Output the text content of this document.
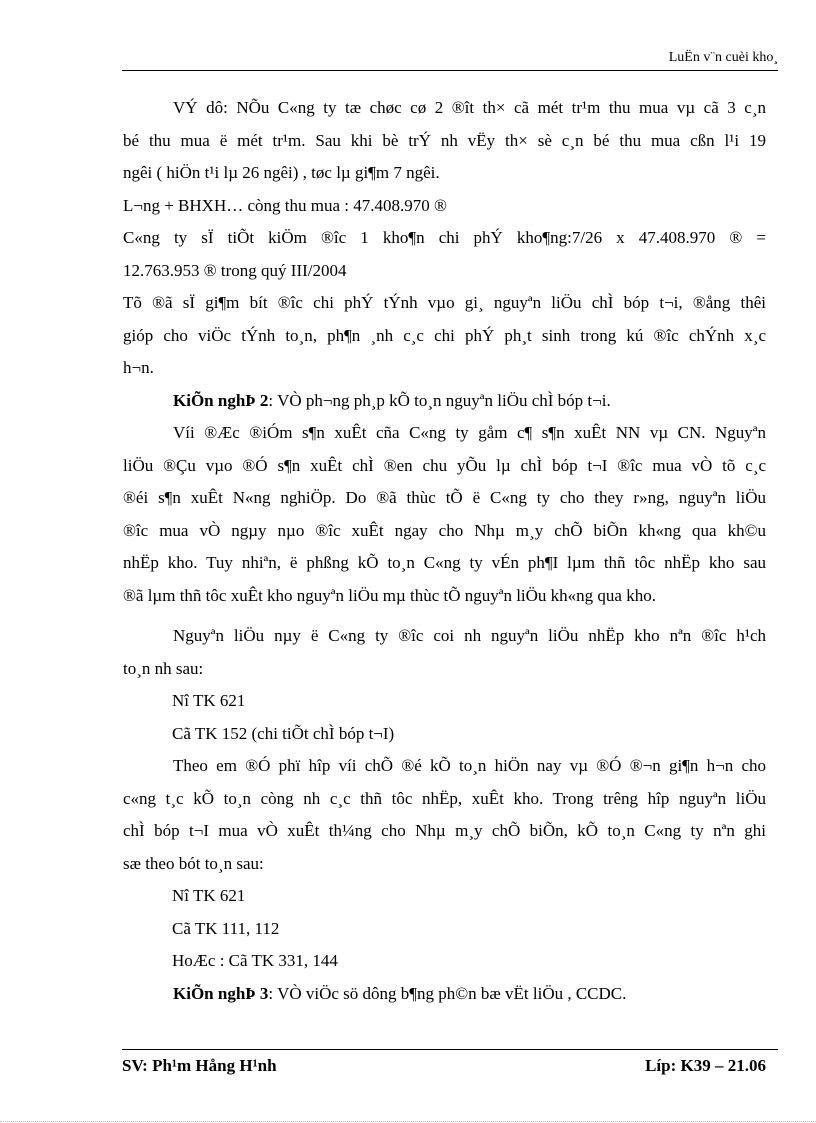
LuËn v¨n cuèi kho¸

VÝ dô: NÕu C«ng ty tæ chøc cø 2 ®ît th× cã mét tr¹m thu mua vµ cã 3 c¸n

bé thu mua ë mét tr¹m. Sau khi bè trÝ nh vËy th× sè c¸n bé thu mua cßn l¹i 19

ngêi ( hiÖn t¹i lµ 26 ngêi) , tøc lµ gi¶m 7 ngêi.

L¬ng + BHXH… còng thu mua : 47.408.970 ®

C«ng ty sÏ tiÕt kiÖm ®îc 1 kho¶n chi phÝ kho¶ng:7/26 x 47.408.970 ® =

12.763.953 ® trong quý III/2004

Tõ ®ã sÏ gi¶m bít ®îc chi phÝ tÝnh vµo gi¸ nguyªn liÖu chÌ bóp t¬i, ®ång thêi

gióp cho viÖc tÝnh to¸n, ph¶n ¸nh c¸c chi phÝ ph¸t sinh trong kú ®îc chÝnh x¸c

h¬n.

KiÕn nghÞ 2: VÒ ph¬ng ph¸p kÕ to¸n nguyªn liÖu chÌ bóp t¬i.

Víi ®Æc ®iÓm s¶n xuÊt cña C«ng ty gåm c¶ s¶n xuÊt NN vµ CN. Nguyªn

liÖu ®Çu vµo ®Ó s¶n xuÊt chÌ ®en chu yÕu lµ chÌ bóp t¬I ®îc mua vÒ tõ c¸c

®éi s¶n xuÊt N«ng nghiÖp. Do ®ã thùc tÕ ë C«ng ty cho they r»ng, nguyªn liÖu

®îc mua vÒ ngµy nµo ®îc xuÊt ngay cho Nhµ m¸y chÕ biÕn kh«ng qua kh©u

nhËp kho. Tuy nhiªn, ë phßng kÕ to¸n C«ng ty vÉn ph¶I lµm thñ tôc nhËp kho sau

®ã lµm thñ tôc xuÊt kho nguyªn liÖu mµ thùc tÕ nguyªn liÖu kh«ng qua kho.

Nguyªn liÖu nµy ë C«ng ty ®îc coi nh nguyªn liÖu nhËp kho nªn ®îc h¹ch

to¸n nh sau:

Nî TK 621

Cã TK 152 (chi tiÕt chÌ bóp t¬I)

Theo em ®Ó phï hîp víi chÕ ®é kÕ to¸n hiÖn nay vµ ®Ó ®¬n gi¶n h¬n cho

c«ng t¸c kÕ to¸n còng nh c¸c thñ tôc nhËp, xuÊt kho. Trong trêng hîp nguyªn liÖu

chÌ bóp t¬I mua vÒ xuÊt th¼ng cho Nhµ m¸y chÕ biÕn, kÕ to¸n C«ng ty nªn ghi

sæ theo bót to¸n sau:

Nî TK 621

Cã TK 111, 112

HoÆc : Cã TK 331, 144

KiÕn nghÞ 3: VÒ viÖc sö dông b¶ng ph©n bæ vËt liÖu , CCDC.

SV: Ph¹m Hång H¹nh	Líp: K39 – 21.06
